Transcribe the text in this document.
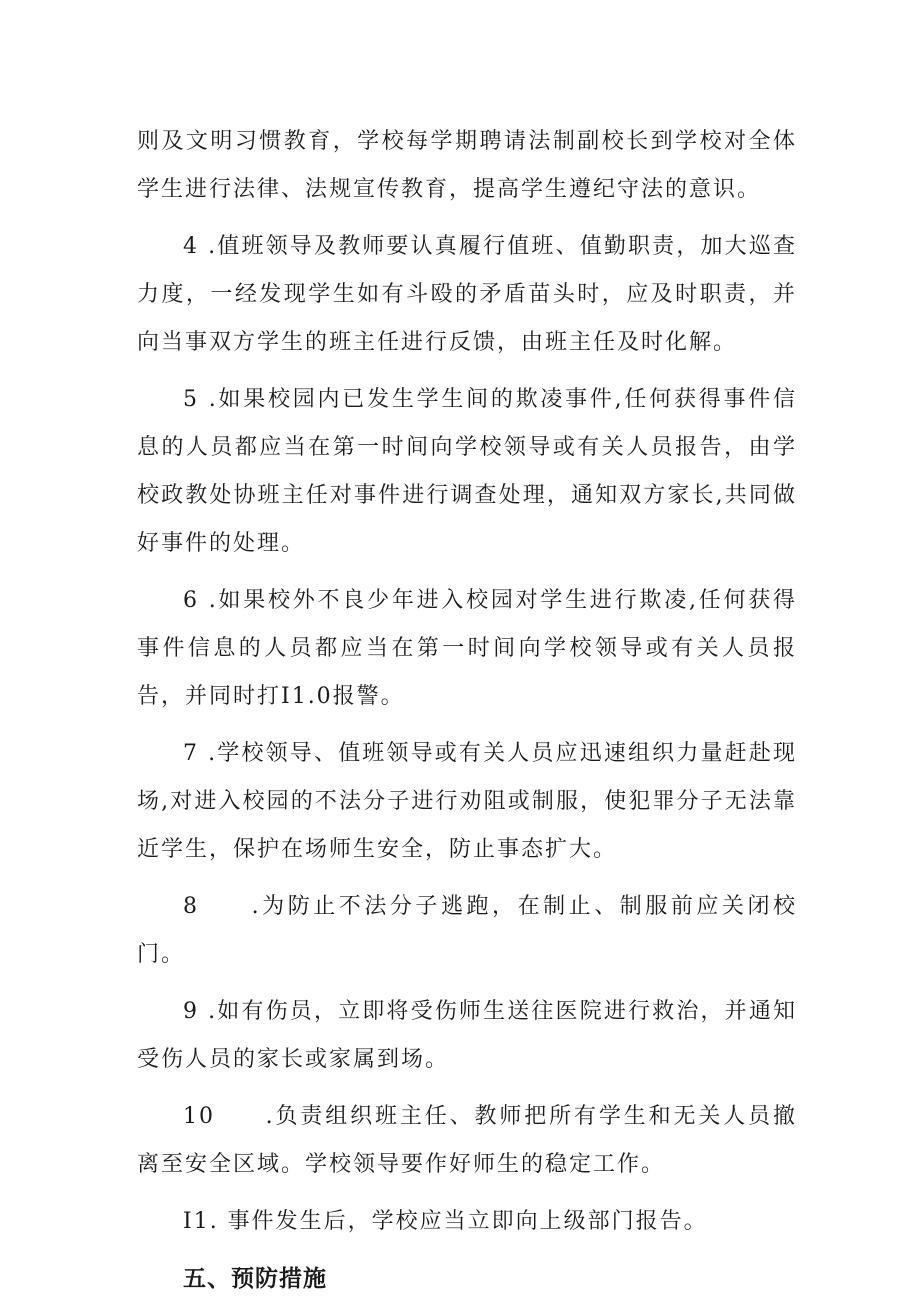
则及文明习惯教育，学校每学期聘请法制副校长到学校对全体学生进行法律、法规宣传教育，提高学生遵纪守法的意识。

4 .值班领导及教师要认真履行值班、值勤职责，加大巡查力度，一经发现学生如有斗殴的矛盾苗头时，应及时职责，并向当事双方学生的班主任进行反馈，由班主任及时化解。

5 .如果校园内已发生学生间的欺凌事件,任何获得事件信息的人员都应当在第一时间向学校领导或有关人员报告，由学校政教处协班主任对事件进行调查处理，通知双方家长,共同做好事件的处理。

6 .如果校外不良少年进入校园对学生进行欺凌,任何获得事件信息的人员都应当在第一时间向学校领导或有关人员报告，并同时打I1.0报警。

7 .学校领导、值班领导或有关人员应迅速组织力量赶赴现场,对进入校园的不法分子进行劝阻或制服，使犯罪分子无法靠近学生，保护在场师生安全，防止事态扩大。

8　　.为防止不法分子逃跑，在制止、制服前应关闭校门。

9 .如有伤员，立即将受伤师生送往医院进行救治，并通知受伤人员的家长或家属到场。

10　　.负责组织班主任、教师把所有学生和无关人员撤离至安全区域。学校领导要作好师生的稳定工作。

I1. 事件发生后，学校应当立即向上级部门报告。

五、预防措施
